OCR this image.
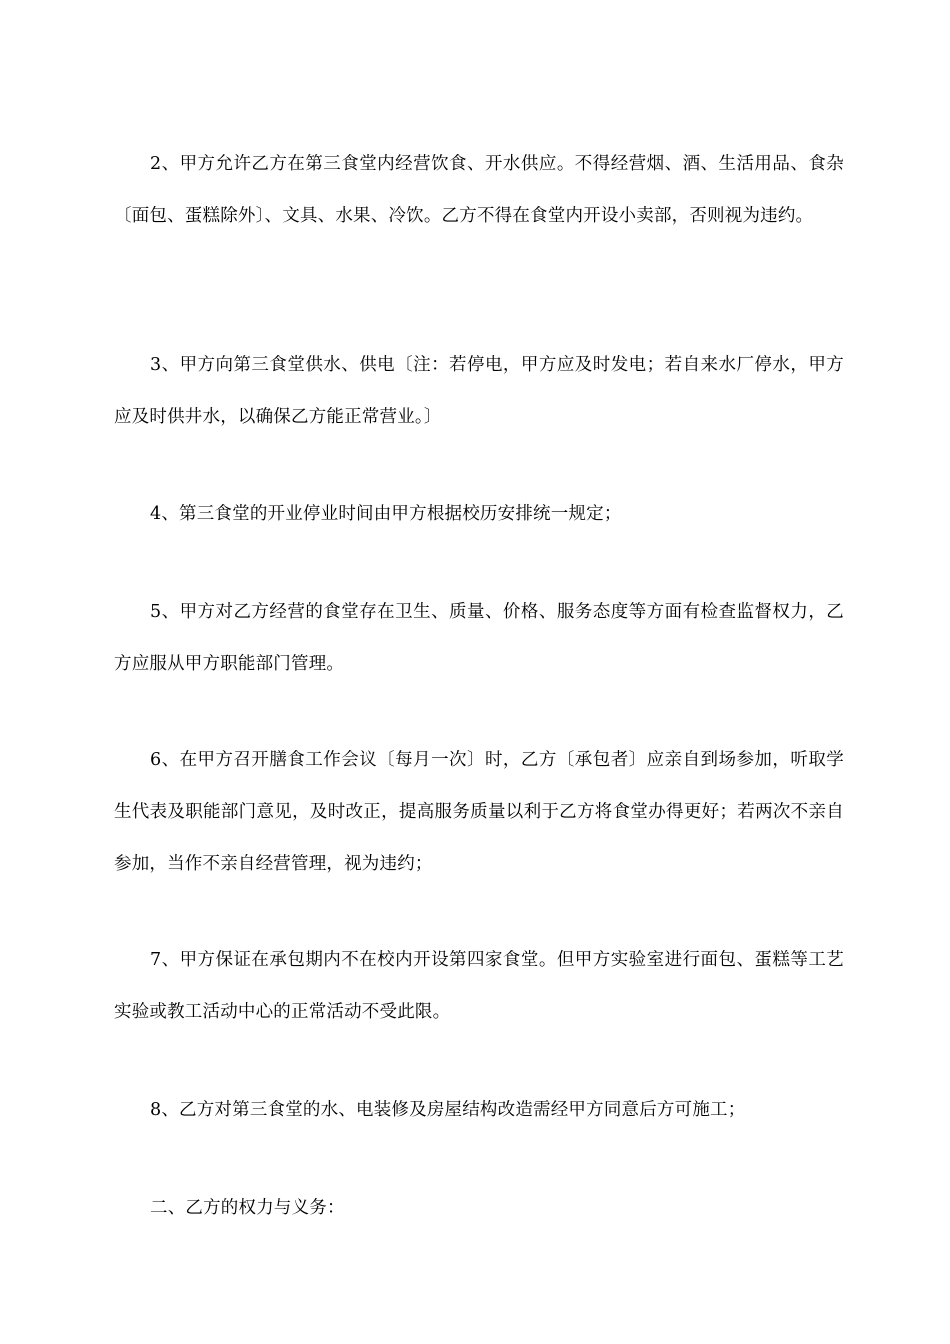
2、甲方允许乙方在第三食堂内经营饮食、开水供应。不得经营烟、酒、生活用品、食杂〔面包、蛋糕除外〕、文具、水果、冷饮。乙方不得在食堂内开设小卖部，否则视为违约。

3、甲方向第三食堂供水、供电〔注：若停电，甲方应及时发电；若自来水厂停水，甲方应及时供井水，以确保乙方能正常营业。〕

4、第三食堂的开业停业时间由甲方根据校历安排统一规定；

5、甲方对乙方经营的食堂存在卫生、质量、价格、服务态度等方面有检查监督权力，乙方应服从甲方职能部门管理。

6、在甲方召开膳食工作会议〔每月一次〕时，乙方〔承包者〕应亲自到场参加，听取学生代表及职能部门意见，及时改正，提高服务质量以利于乙方将食堂办得更好；若两次不亲自参加，当作不亲自经营管理，视为违约；

7、甲方保证在承包期内不在校内开设第四家食堂。但甲方实验室进行面包、蛋糕等工艺实验或教工活动中心的正常活动不受此限。

8、乙方对第三食堂的水、电装修及房屋结构改造需经甲方同意后方可施工；

二、乙方的权力与义务：
